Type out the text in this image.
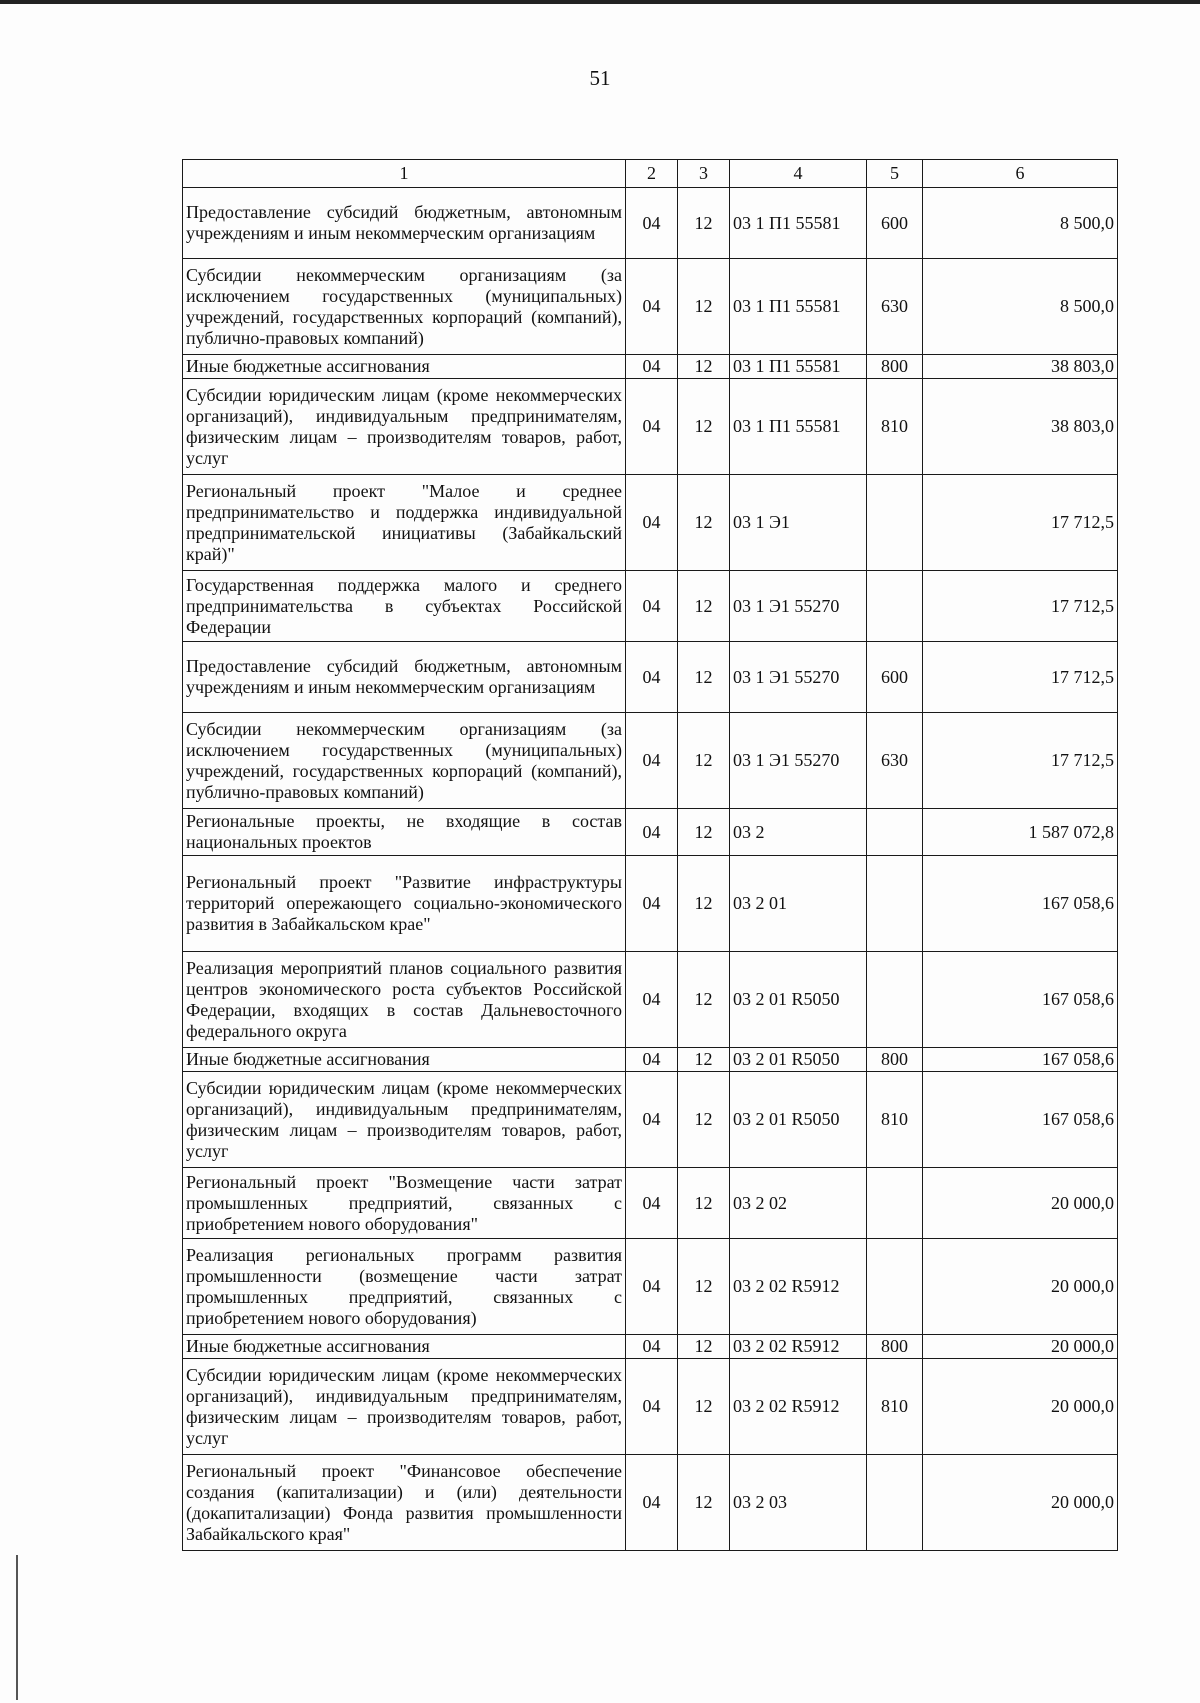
51
1	2	3	4	5	6
Предоставление субсидий бюджетным, автономным учреждениям и иным некоммерческим организациям	04	12	03 1 П1 55581	600	8 500,0
Субсидии некоммерческим организациям (за исключением государственных (муниципальных) учреждений, государственных корпораций (компаний), публично-правовых компаний)	04	12	03 1 П1 55581	630	8 500,0
Иные бюджетные ассигнования	04	12	03 1 П1 55581	800	38 803,0
Субсидии юридическим лицам (кроме некоммерческих организаций), индивидуальным предпринимателям, физическим лицам – производителям товаров, работ, услуг	04	12	03 1 П1 55581	810	38 803,0
Региональный проект "Малое и среднее предпринимательство и поддержка индивидуальной предпринимательской инициативы (Забайкальский край)"	04	12	03 1 Э1		17 712,5
Государственная поддержка малого и среднего предпринимательства в субъектах Российской Федерации	04	12	03 1 Э1 55270		17 712,5
Предоставление субсидий бюджетным, автономным учреждениям и иным некоммерческим организациям	04	12	03 1 Э1 55270	600	17 712,5
Субсидии некоммерческим организациям (за исключением государственных (муниципальных) учреждений, государственных корпораций (компаний), публично-правовых компаний)	04	12	03 1 Э1 55270	630	17 712,5
Региональные проекты, не входящие в состав национальных проектов	04	12	03 2		1 587 072,8
Региональный проект "Развитие инфраструктуры территорий опережающего социально-экономического развития в Забайкальском крае"	04	12	03 2 01		167 058,6
Реализация мероприятий планов социального развития центров экономического роста субъектов Российской Федерации, входящих в состав Дальневосточного федерального округа	04	12	03 2 01 R5050		167 058,6
Иные бюджетные ассигнования	04	12	03 2 01 R5050	800	167 058,6
Субсидии юридическим лицам (кроме некоммерческих организаций), индивидуальным предпринимателям, физическим лицам – производителям товаров, работ, услуг	04	12	03 2 01 R5050	810	167 058,6
Региональный проект "Возмещение части затрат промышленных предприятий, связанных с приобретением нового оборудования"	04	12	03 2 02		20 000,0
Реализация региональных программ развития промышленности (возмещение части затрат промышленных предприятий, связанных с приобретением нового оборудования)	04	12	03 2 02 R5912		20 000,0
Иные бюджетные ассигнования	04	12	03 2 02 R5912	800	20 000,0
Субсидии юридическим лицам (кроме некоммерческих организаций), индивидуальным предпринимателям, физическим лицам – производителям товаров, работ, услуг	04	12	03 2 02 R5912	810	20 000,0
Региональный проект "Финансовое обеспечение создания (капитализации) и (или) деятельности (докапитализации) Фонда развития промышленности Забайкальского края"	04	12	03 2 03		20 000,0
